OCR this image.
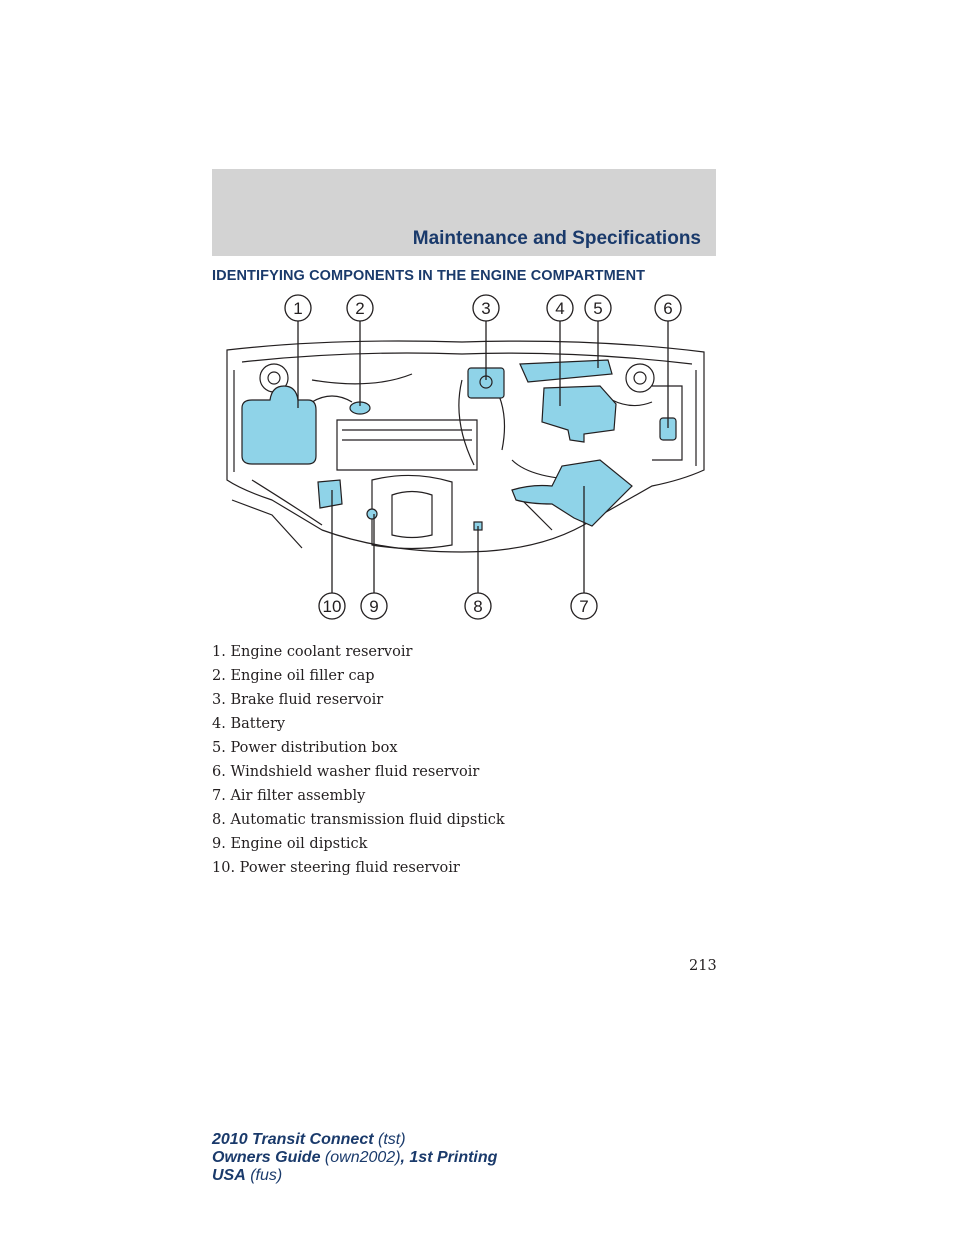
Maintenance and Specifications
IDENTIFYING COMPONENTS IN THE ENGINE COMPARTMENT
1	2	3	4 5	6
10 9	8	7
1. Engine coolant reservoir
2. Engine oil filler cap
3. Brake fluid reservoir
4. Battery
5. Power distribution box
6. Windshield washer fluid reservoir
7. Air filter assembly
8. Automatic transmission fluid dipstick
9. Engine oil dipstick
10. Power steering fluid reservoir
213
2010 Transit Connect (tst)
Owners Guide (own2002), 1st Printing
USA (fus)
